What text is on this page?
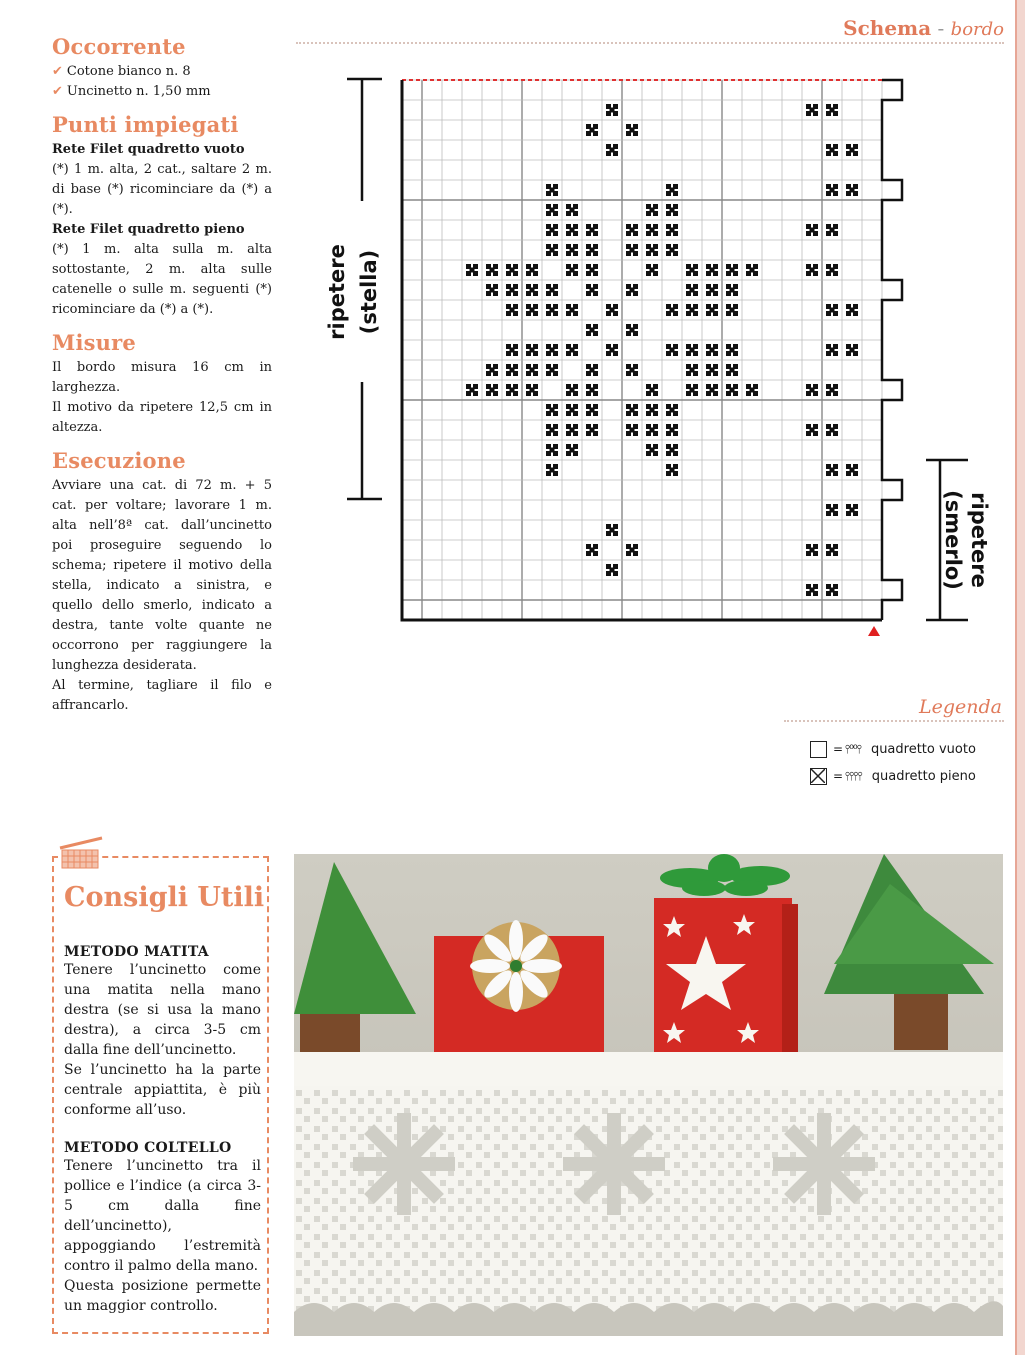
Occorrente

✔ Cotone bianco n. 8

✔ Uncinetto n. 1,50 mm

Punti impiegati

Rete Filet quadretto vuoto

(*) 1 m. alta, 2 cat., saltare 2 m. di base (*) ricominciare da (*) a (*).

Rete Filet quadretto pieno

(*) 1 m. alta sulla m. alta sottostante, 2 m. alta sulle catenelle o sulle m. seguenti (*) ricominciare da (*) a (*).

Misure

Il bordo misura 16 cm in larghezza.

Il motivo da ripetere 12,5 cm in altezza.

Esecuzione

Avviare una cat. di 72 m. + 5 cat. per voltare; lavorare 1 m. alta nell’8ª cat. dall’uncinetto poi proseguire seguendo lo schema; ripetere il motivo della stella, indicato a sinistra, e quello dello smerlo, indicato a destra, tante volte quante ne occorrono per raggiungere la lunghezza desiderata.

Al termine, tagliare il filo e affrancarlo.

Schema - bordo
ripetere (stella)
(smerlo) ripetere
Legenda
= ⫯⁰⁰⫯ quadretto vuoto
= ⫯⫯⫯⫯ quadretto pieno
Consigli Utili

METODO MATITA

Tenere l’uncinetto come una matita nella mano destra (se si usa la mano destra), a circa 3-5 cm dalla fine dell’uncinetto.

Se l’uncinetto ha la parte centrale appiattita, è più conforme all’uso.

METODO COLTELLO

Tenere l’uncinetto tra il pollice e l’indice (a circa 3-5 cm dalla fine dell’uncinetto), appoggiando l’estremità contro il palmo della mano.

Questa posizione permette un maggior controllo.
